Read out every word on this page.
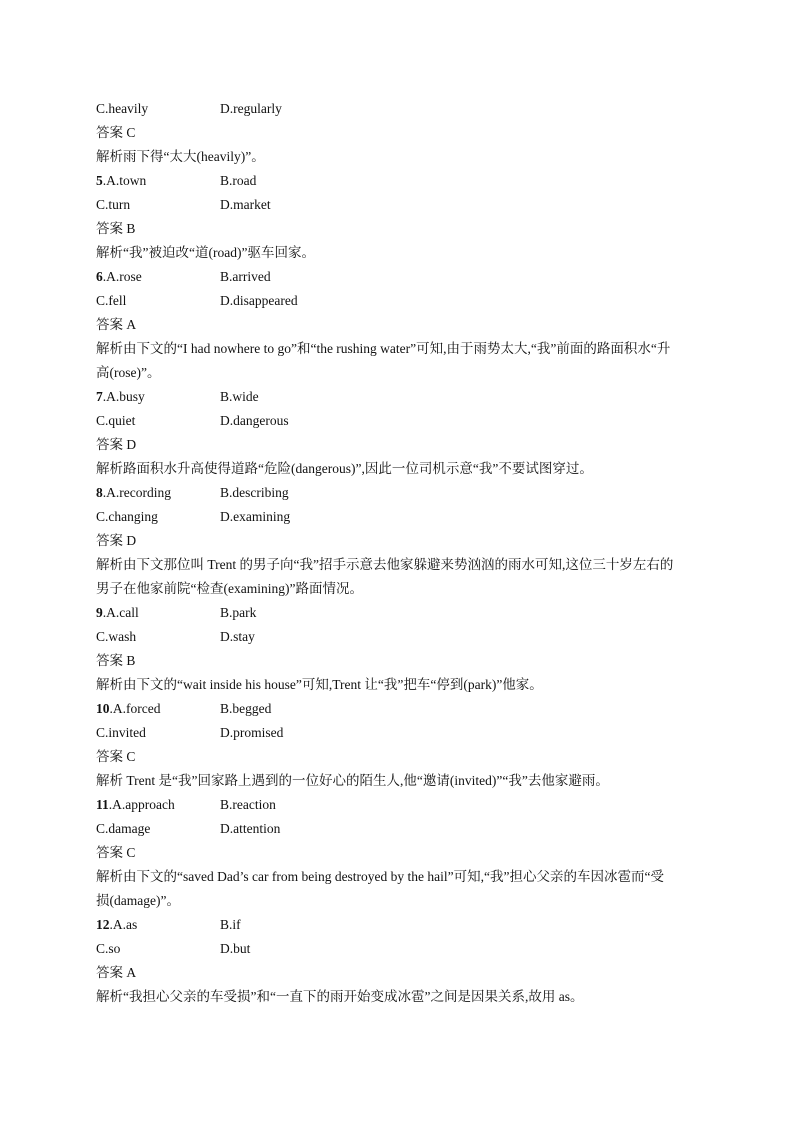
C.heavily	D.regularly
答案 C
解析雨下得“太大(heavily)”。
5.A.town	B.road
C.turn	D.market
答案 B
解析“我”被迫改“道(road)”驱车回家。
6.A.rose	B.arrived
C.fell	D.disappeared
答案 A
解析由下文的“I had nowhere to go”和“the rushing water”可知,由于雨势太大,“我”前面的路面积水“升
高(rose)”。
7.A.busy	B.wide
C.quiet	D.dangerous
答案 D
解析路面积水升高使得道路“危险(dangerous)”,因此一位司机示意“我”不要试图穿过。
8.A.recording	B.describing
C.changing	D.examining
答案 D
解析由下文那位叫 Trent 的男子向“我”招手示意去他家躲避来势汹汹的雨水可知,这位三十岁左右的
男子在他家前院“检查(examining)”路面情况。
9.A.call	B.park
C.wash	D.stay
答案 B
解析由下文的“wait inside his house”可知,Trent 让“我”把车“停到(park)”他家。
10.A.forced	B.begged
C.invited	D.promised
答案 C
解析 Trent 是“我”回家路上遇到的一位好心的陌生人,他“邀请(invited)”“我”去他家避雨。
11.A.approach	B.reaction
C.damage	D.attention
答案 C
解析由下文的“saved Dad’s car from being destroyed by the hail”可知,“我”担心父亲的车因冰雹而“受
损(damage)”。
12.A.as	B.if
C.so	D.but
答案 A
解析“我担心父亲的车受损”和“一直下的雨开始变成冰雹”之间是因果关系,故用 as。
